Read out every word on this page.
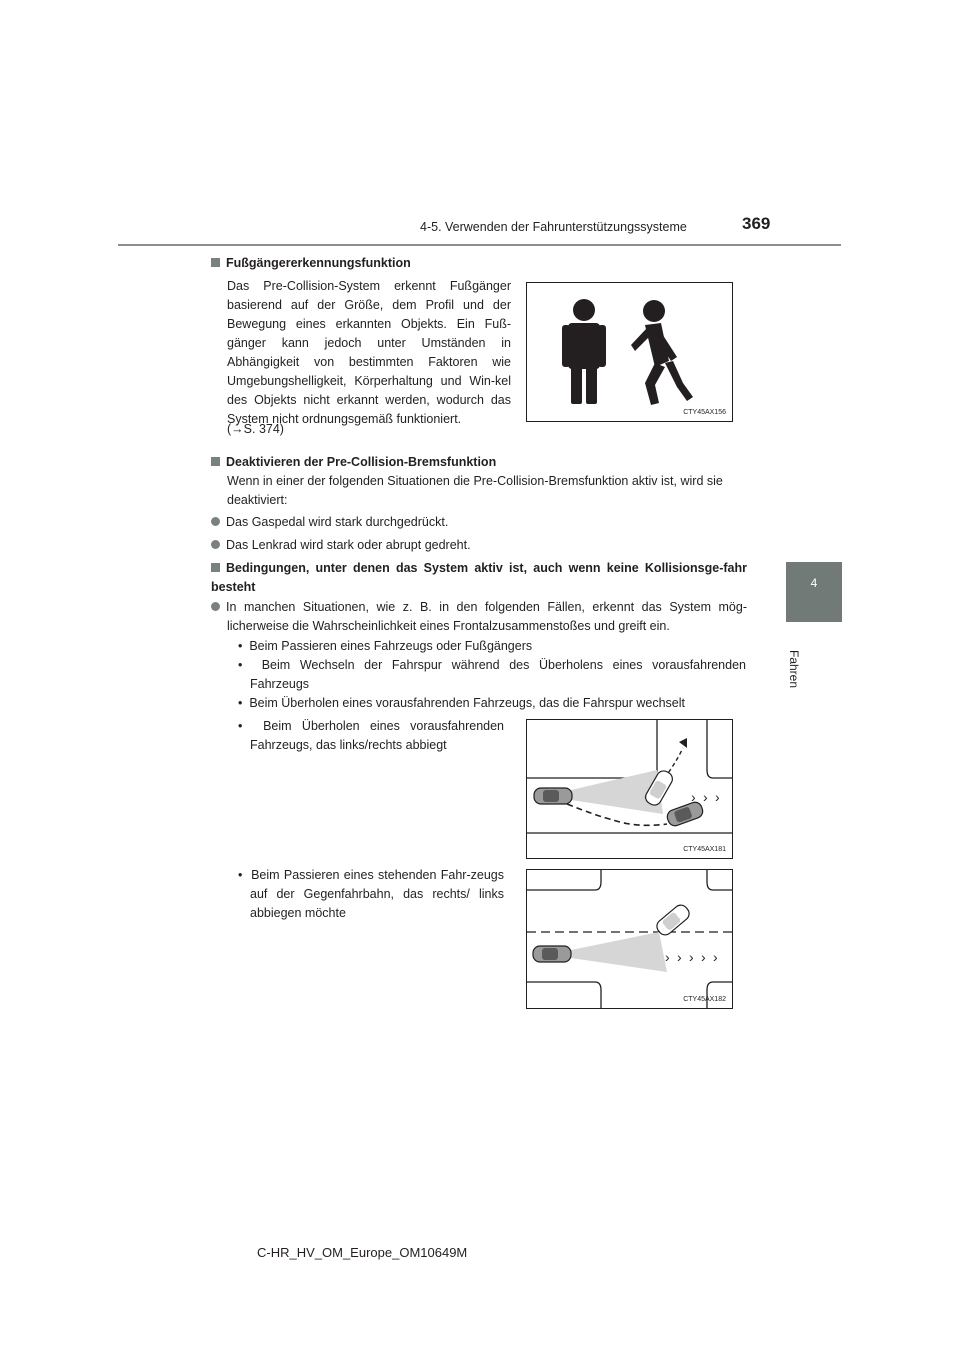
4-5. Verwenden der Fahrunterstützungssysteme	369
4
Fahren
Fußgängererkennungsfunktion
Das Pre-Collision-System erkennt Fußgänger basierend auf der Größe, dem Profil und der Bewegung eines erkannten Objekts. Ein Fuß-gänger kann jedoch unter Umständen in Abhängigkeit von bestimmten Faktoren wie Umgebungshelligkeit, Körperhaltung und Win-kel des Objekts nicht erkannt werden, wodurch das System nicht ordnungsgemäß funktioniert.
(→S. 374)
CTY45AX156
Deaktivieren der Pre-Collision-Bremsfunktion
Wenn in einer der folgenden Situationen die Pre-Collision-Bremsfunktion aktiv ist, wird sie deaktiviert:
Das Gaspedal wird stark durchgedrückt.
Das Lenkrad wird stark oder abrupt gedreht.
Bedingungen, unter denen das System aktiv ist, auch wenn keine Kollisionsge-fahr besteht
In manchen Situationen, wie z. B. in den folgenden Fällen, erkennt das System mög-licherweise die Wahrscheinlichkeit eines Frontalzusammenstoßes und greift ein.
•  Beim Passieren eines Fahrzeugs oder Fußgängers
•  Beim Wechseln der Fahrspur während des Überholens eines vorausfahrenden Fahrzeugs
•  Beim Überholen eines vorausfahrenden Fahrzeugs, das die Fahrspur wechselt
•  Beim Überholen eines vorausfahrenden Fahrzeugs, das links/rechts abbiegt
› › ›
CTY45AX181
•  Beim Passieren eines stehenden Fahr-zeugs auf der Gegenfahrbahn, das rechts/ links abbiegen möchte
› › › › ›
CTY45AX182
C-HR_HV_OM_Europe_OM10649M
